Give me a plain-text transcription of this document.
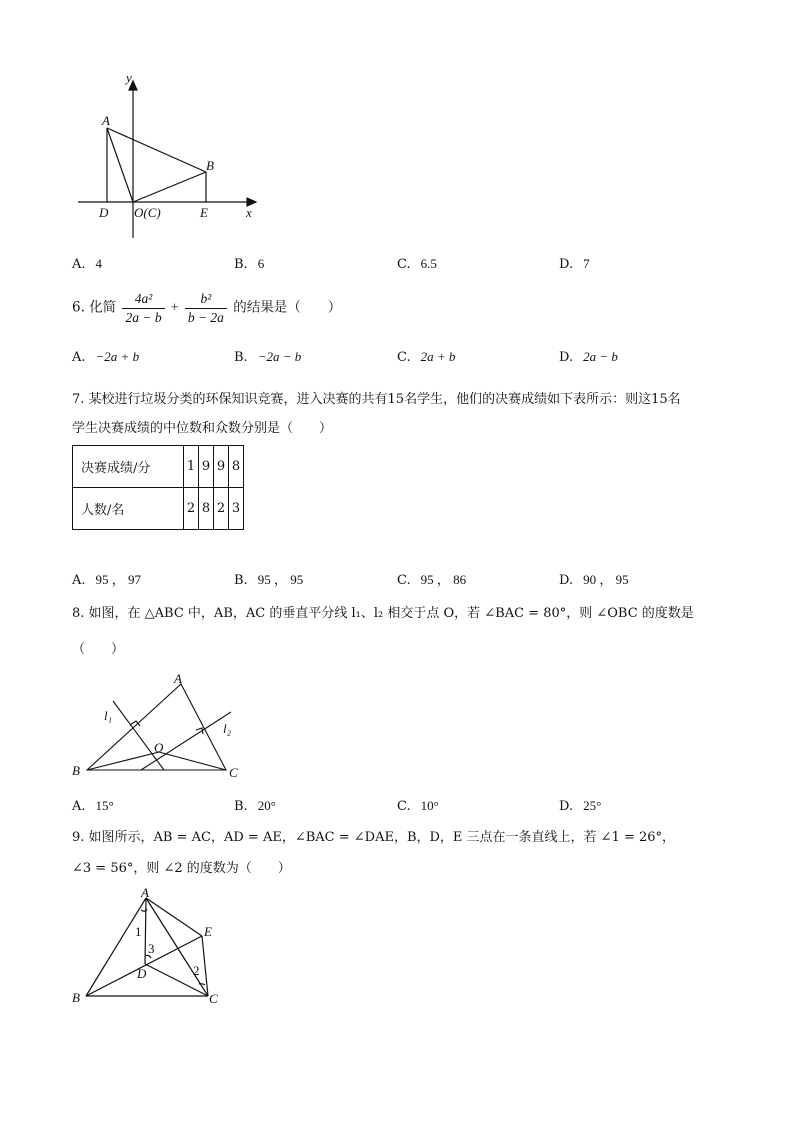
y
A
B
D O(C)	E	x
A. 4	B. 6	C. 6.5	D. 7
6. 化简 $\frac{\text{4a²}}{2a - b} + \frac{\text{b²}}{b - 2a}$ 的结果是（　　）
A. −2a + b	B. −2a − b	C. 2a + b	D. 2a − b
7. 某校进行垃圾分类的环保知识竞赛，进入决赛的共有15名学生，他们的决赛成绩如下表所示：则这15名
学生决赛成绩的中位数和众数分别是（　　）
决赛成绩/分	1	9	9	8
人数/名	2	8	2	3
A. 95 ， 97	B. 95 ， 95	C. 95 ， 86	D. 90 ， 95
8. 如图，在 △ABC 中，AB，AC 的垂直平分线 l₁、l₂ 相交于点 O，若 ∠BAC = 80°，则 ∠OBC 的度数是
（　　）
A
B	C
O
l₁
l₂
A. 15°	B. 20°	C. 10°	D. 25°
9. 如图所示，AB = AC，AD = AE，∠BAC = ∠DAE，B，D，E 三点在一条直线上，若 ∠1 = 26°，
∠3 = 56°，则 ∠2 的度数为（　　）
A
B	C
D
E
1
3
2
